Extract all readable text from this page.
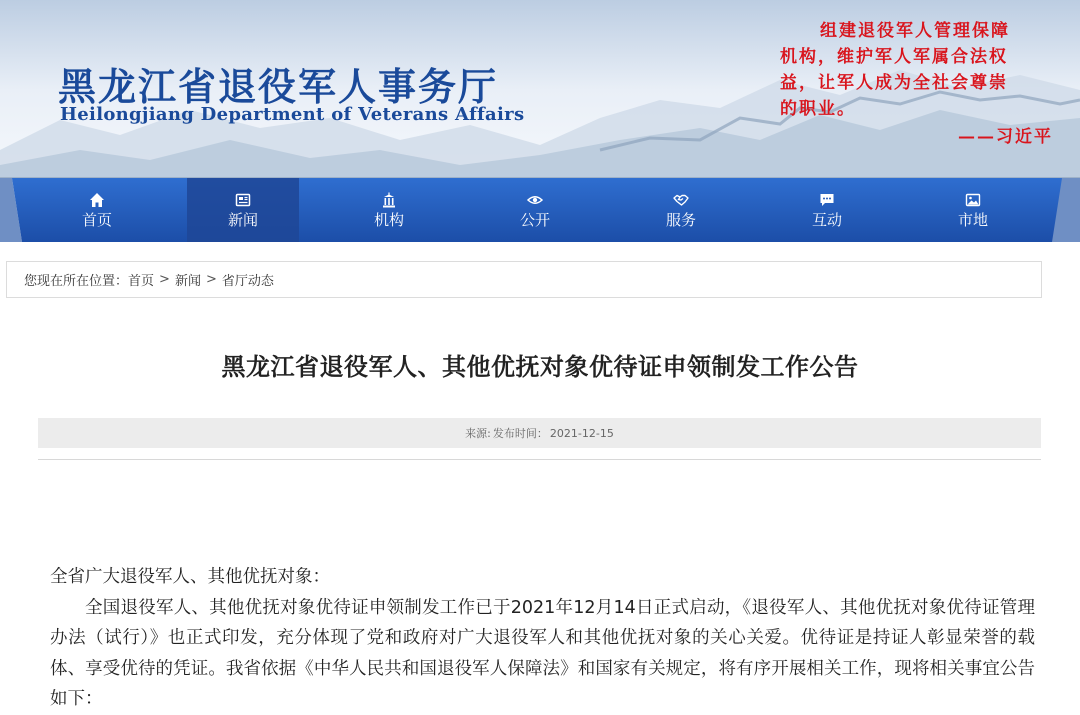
黑龙江省退役军人事务厅
Heilongjiang Department of Veterans Affairs
组建退役军人管理保障
机构，维护军人军属合法权
益，让军人成为全社会尊崇
的职业。
——习近平
首页	新闻	机构	公开	服务	互动	市地
您现在所在位置： 首页 > 新闻 > 省厅动态
黑龙江省退役军人、其他优抚对象优待证申领制发工作公告
来源: 发布时间： 2021-12-15

全省广大退役军人、其他优抚对象：

全国退役军人、其他优抚对象优待证申领制发工作已于2021年12月14日正式启动，《退役军人、其他优抚对象优待证管理办法（试行）》也正式印发，充分体现了党和政府对广大退役军人和其他优抚对象的关心关爱。优待证是持证人彰显荣誉的载体、享受优待的凭证。我省依据《中华人民共和国退役军人保障法》和国家有关规定，将有序开展相关工作，现将相关事宜公告如下：
